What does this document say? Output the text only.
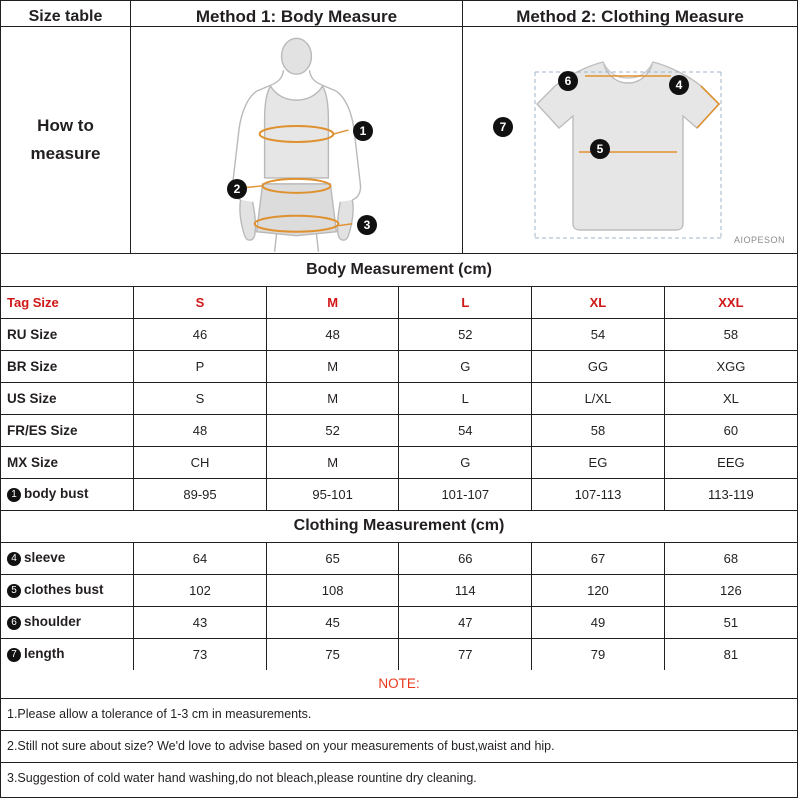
Size table
How to
measure
Method 1: Body Measure
1
2
3
Method 2: Clothing Measure
4
5
6
7
AIOPESON
Body Measurement (cm)					
Tag Size	S	M	L	XL	XXL
RU Size	46	48	52	54	58
BR Size	P	M	G	GG	XGG
US Size	S	M	L	L/XL	XL
FR/ES Size	48	52	54	58	60
MX Size	CH	M	G	EG	EEG
1 body bust	89-95	95-101	101-107	107-113	113-119
Clothing Measurement (cm)					
4 sleeve	64	65	66	67	68
5 clothes bust	102	108	114	120	126
6 shoulder	43	45	47	49	51
7 length	73	75	77	79	81
NOTE:
1.Please allow a tolerance of 1-3 cm in measurements.
2.Still not sure about size? We'd love to advise based on your measurements of bust,waist and hip.
3.Suggestion of cold water hand washing,do not bleach,please rountine dry cleaning.
